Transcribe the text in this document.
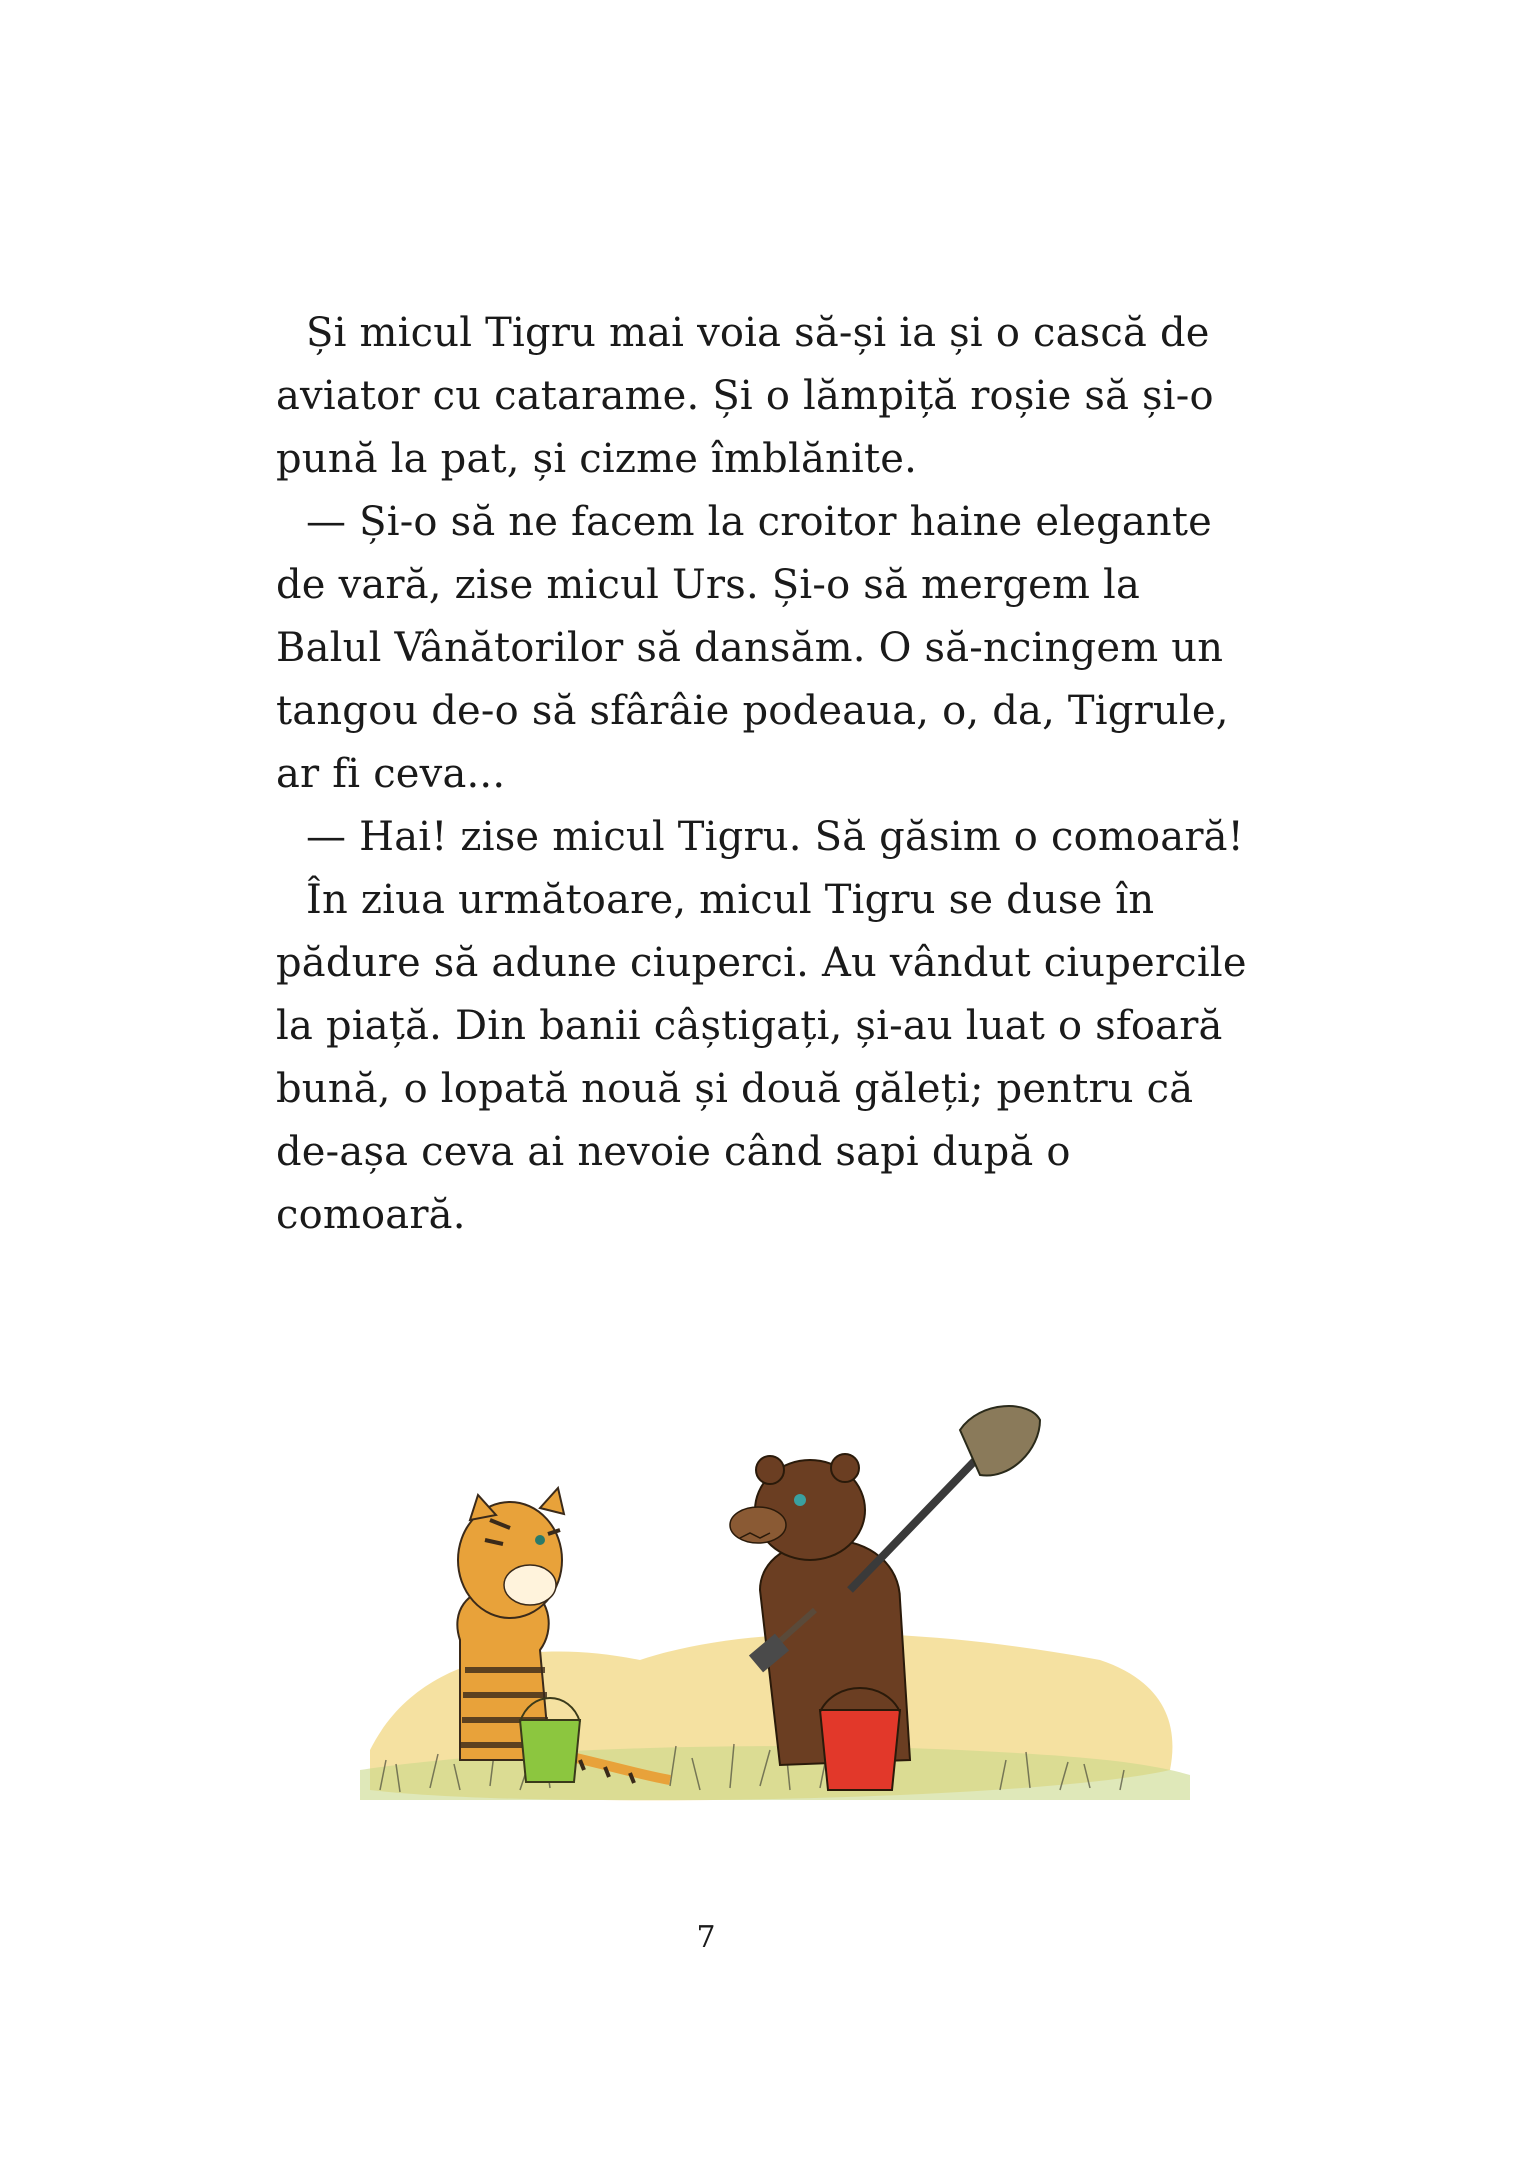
Și micul Tigru mai voia să-și ia și o cască de aviator cu catarame. Și o lămpiță roșie să și-o pună la pat, și cizme îmblănite.

— Și-o să ne facem la croitor haine elegante de vară, zise micul Urs. Și-o să mergem la Balul Vânătorilor să dansăm. O să-ncingem un tangou de-o să sfârâie podeaua, o, da, Tigrule, ar fi ceva...

— Hai! zise micul Tigru. Să găsim o comoară!

În ziua următoare, micul Tigru se duse în pădure să adune ciuperci. Au vândut ciupercile la piață. Din banii câștigați, și-au luat o sfoară bună, o lopată nouă și două gălеți; pentru că de-așa ceva ai nevoie când sapi după o comoară.

7
